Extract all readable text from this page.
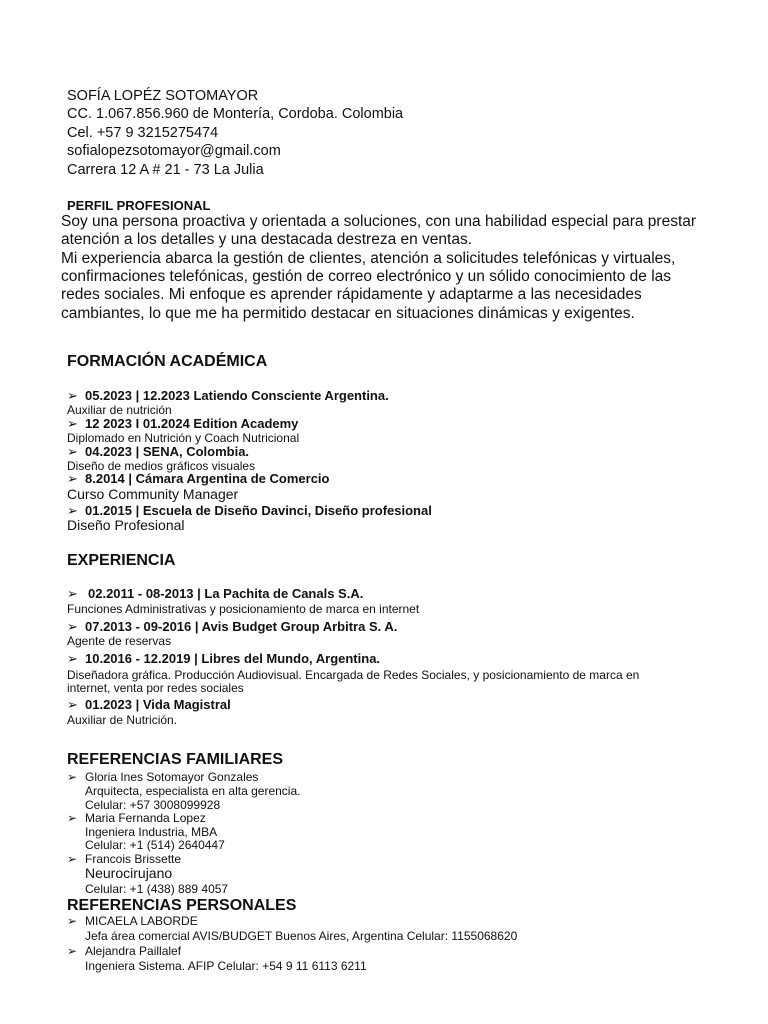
SOFÍA LOPÉZ SOTOMAYOR
CC. 1.067.856.960 de Montería, Cordoba. Colombia
Cel. +57 9 3215275474
sofialopezsotomayor@gmail.com
Carrera 12 A # 21 - 73 La Julia
PERFIL PROFESIONAL
Soy una persona proactiva y orientada a soluciones, con una habilidad especial para prestar atención a los detalles y una destacada destreza en ventas.
Mi experiencia abarca la gestión de clientes, atención a solicitudes telefónicas y virtuales, confirmaciones telefónicas, gestión de correo electrónico y un sólido conocimiento de las redes sociales. Mi enfoque es aprender rápidamente y adaptarme a las necesidades cambiantes, lo que me ha permitido destacar en situaciones dinámicas y exigentes.
FORMACIÓN ACADÉMICA
➢ 05.2023 | 12.2023 Latiendo Consciente Argentina.
Auxiliar de nutrición
➢ 12 2023 I 01.2024 Edition Academy
Diplomado en Nutrición y Coach Nutricional
➢ 04.2023 | SENA, Colombia.
Diseño de medios gráficos visuales
➢ 8.2014 | Cámara Argentina de Comercio
Curso Community Manager
➢ 01.2015 | Escuela de Diseño Davinci, Diseño profesional
Diseño Profesional
EXPERIENCIA
➢ 02.2011 - 08-2013 | La Pachita de Canals S.A.
Funciones Administrativas y posicionamiento de marca en internet
➢ 07.2013 - 09-2016 | Avis Budget Group Arbitra S. A.
Agente de reservas
➢ 10.2016 - 12.2019 | Libres del Mundo, Argentina.
Diseñadora gráfica. Producción Audiovisual. Encargada de Redes Sociales, y posicionamiento de marca en
internet, venta por redes sociales
➢ 01.2023 | Vida Magistral
Auxiliar de Nutrición.
REFERENCIAS FAMILIARES
➢ Gloria Ines Sotomayor Gonzales
Arquitecta, especialista en alta gerencia.
Celular: +57 3008099928
➢ Maria Fernanda Lopez
Ingeniera Industria, MBA
Celular: +1 (514) 2640447
➢ Francois Brissette
Neurocirujano
Celular: +1 (438) 889 4057
REFERENCIAS PERSONALES
➢ MICAELA LABORDE
Jefa área comercial AVIS/BUDGET Buenos Aires, Argentina Celular: 1155068620
➢ Alejandra Paillalef
Ingeniera Sistema. AFIP Celular: +54 9 11 6113 6211
